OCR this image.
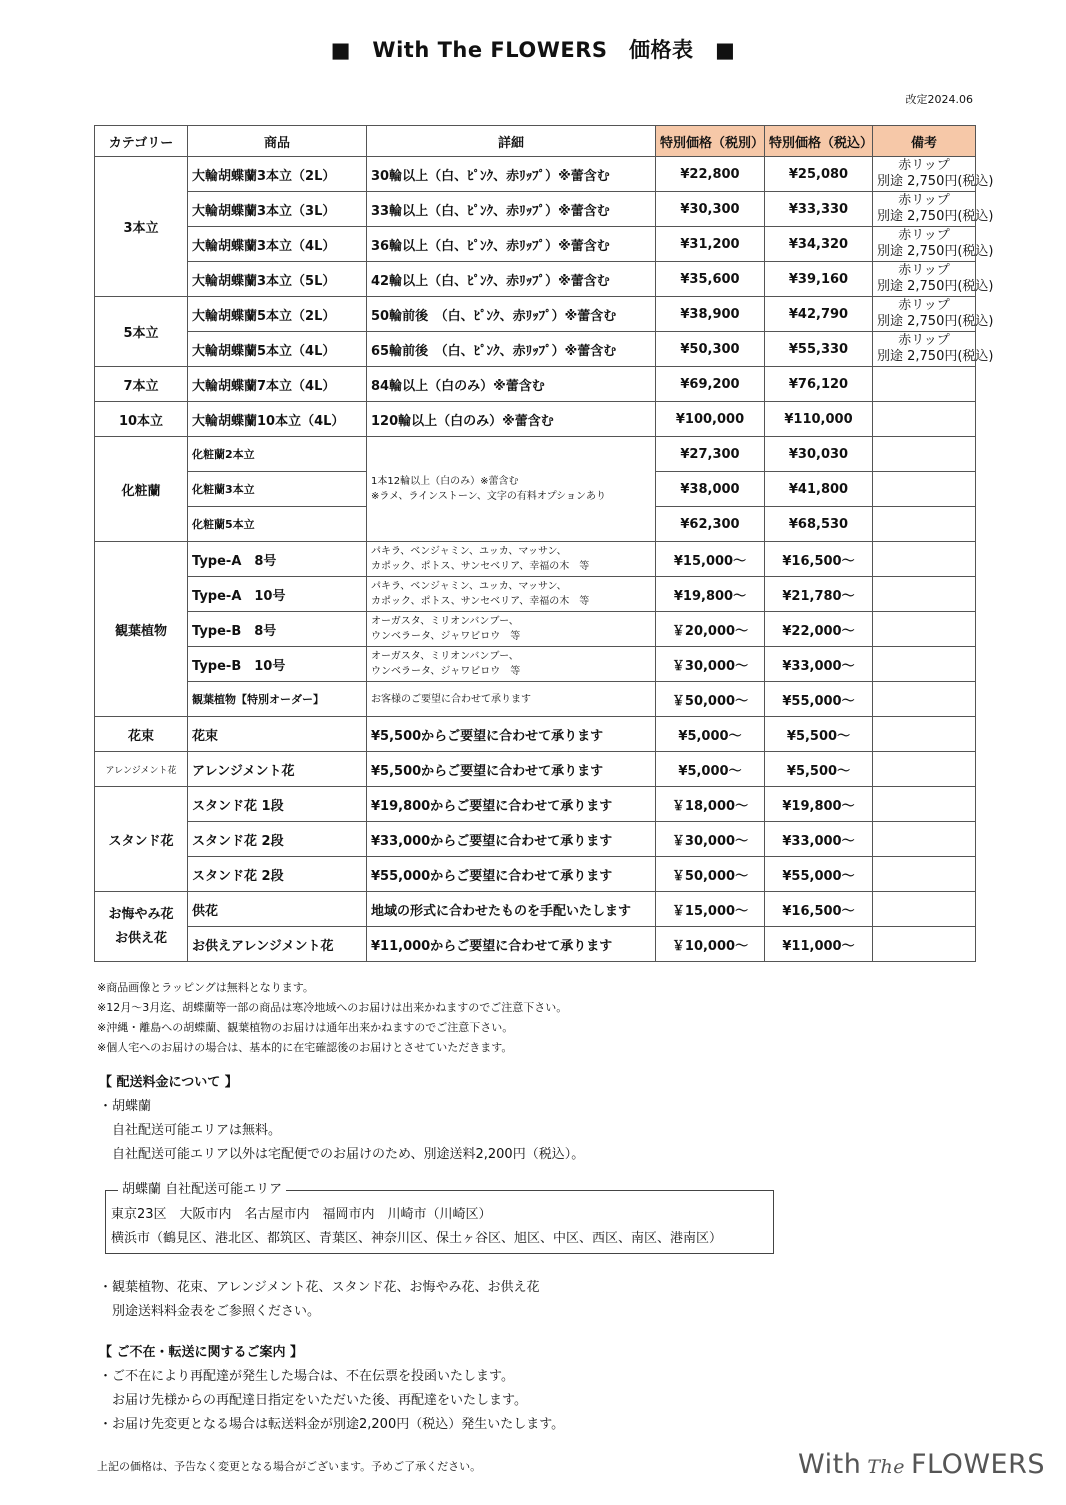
■　With The FLOWERS　価格表　■
改定2024.06
カテゴリー	商品	詳細	特別価格（税別）	特別価格（税込）	備考
3本立	大輪胡蝶蘭3本立（2L）	30輪以上（白、ﾋﾟﾝｸ、赤ﾘｯﾌﾟ）※蕾含む	¥22,800	¥25,080	赤リップ
別途 2,750円(税込)

	大輪胡蝶蘭3本立（3L）	33輪以上（白、ﾋﾟﾝｸ、赤ﾘｯﾌﾟ）※蕾含む	¥30,300	¥33,330	赤リップ
別途 2,750円(税込)

	大輪胡蝶蘭3本立（4L）	36輪以上（白、ﾋﾟﾝｸ、赤ﾘｯﾌﾟ）※蕾含む	¥31,200	¥34,320	赤リップ
別途 2,750円(税込)

	大輪胡蝶蘭3本立（5L）	42輪以上（白、ﾋﾟﾝｸ、赤ﾘｯﾌﾟ）※蕾含む	¥35,600	¥39,160	赤リップ
別途 2,750円(税込)

5本立	大輪胡蝶蘭5本立（2L）	50輪前後　（白、ﾋﾟﾝｸ、赤ﾘｯﾌﾟ）※蕾含む	¥38,900	¥42,790	赤リップ
別途 2,750円(税込)

	大輪胡蝶蘭5本立（4L）	65輪前後　（白、ﾋﾟﾝｸ、赤ﾘｯﾌﾟ）※蕾含む	¥50,300	¥55,330	赤リップ
別途 2,750円(税込)

7本立	大輪胡蝶蘭7本立（4L）	84輪以上（白のみ）※蕾含む	¥69,200	¥76,120	
10本立	大輪胡蝶蘭10本立（4L）	120輪以上（白のみ）※蕾含む	¥100,000	¥110,000	
化粧蘭	化粧蘭2本立	1本12輪以上（白のみ）※蕾含む
※ラメ、ラインストーン、文字の有料オプションあり	¥27,300	¥30,030	
	化粧蘭3本立		¥38,000	¥41,800	
	化粧蘭5本立		¥62,300	¥68,530	
観葉植物	Type-A　8号	パキラ、ベンジャミン、ユッカ、マッサン、
カポック、ポトス、サンセベリア、幸福の木　等	¥15,000～	¥16,500～	
	Type-A　10号	パキラ、ベンジャミン、ユッカ、マッサン、
カポック、ポトス、サンセベリア、幸福の木　等	¥19,800～	¥21,780～	
	Type-B　8号	オーガスタ、ミリオンバンブー、
ウンベラータ、ジャワビロウ　等	￥20,000～	¥22,000～	
	Type-B　10号	オーガスタ、ミリオンバンブー、
ウンベラータ、ジャワビロウ　等	￥30,000～	¥33,000～	
	観葉植物【特別オーダー】	お客様のご要望に合わせて承ります	￥50,000～	¥55,000～	
花束	花束	¥5,500からご要望に合わせて承ります	¥5,000～	¥5,500～	
アレンジメント花	アレンジメント花	¥5,500からご要望に合わせて承ります	¥5,000～	¥5,500～	
スタンド花	スタンド花 1段	¥19,800からご要望に合わせて承ります	￥18,000～	¥19,800～	
	スタンド花 2段	¥33,000からご要望に合わせて承ります	￥30,000～	¥33,000～	
	スタンド花 2段	¥55,000からご要望に合わせて承ります	￥50,000～	¥55,000～	

お悔やみ花
お供え花	供花	地域の形式に合わせたものを手配いたします	￥15,000～	¥16,500～	
	お供えアレンジメント花	¥11,000からご要望に合わせて承ります	￥10,000～	¥11,000～	
※商品画像とラッピングは無料となります。
※12月～3月迄、胡蝶蘭等一部の商品は寒冷地域へのお届けは出来かねますのでご注意下さい。
※沖縄・離島への胡蝶蘭、観葉植物のお届けは通年出来かねますのでご注意下さい。
※個人宅へのお届けの場合は、基本的に在宅確認後のお届けとさせていただきます。
【 配送料金について 】
・胡蝶蘭
自社配送可能エリアは無料。
自社配送可能エリア以外は宅配便でのお届けのため、別途送料2,200円（税込）。
胡蝶蘭 自社配送可能エリア
東京23区　大阪市内　名古屋市内　福岡市内　川崎市（川崎区）
横浜市（鶴見区、港北区、都筑区、青葉区、神奈川区、保土ヶ谷区、旭区、中区、西区、南区、港南区）
・観葉植物、花束、アレンジメント花、スタンド花、お悔やみ花、お供え花
別途送料料金表をご参照ください。
【 ご不在・転送に関するご案内 】
・ご不在により再配達が発生した場合は、不在伝票を投函いたします。
お届け先様からの再配達日指定をいただいた後、再配達をいたします。
・お届け先変更となる場合は転送料金が別途2,200円（税込）発生いたします。
上記の価格は、予告なく変更となる場合がございます。予めご了承ください。	With The FLOWERS
